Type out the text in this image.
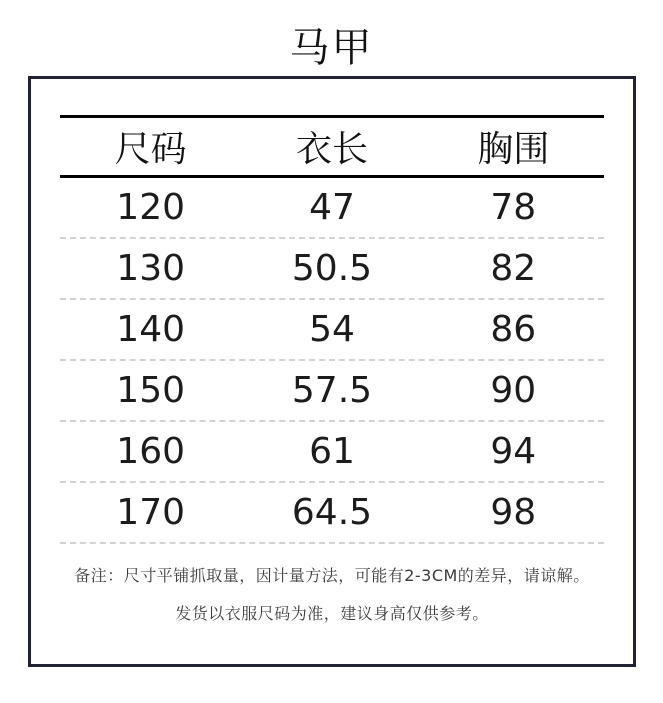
马甲
尺码	衣长	胸围
120	47	78
130	50.5	82
140	54	86
150	57.5	90
160	61	94
170	64.5	98
备注：尺寸平铺抓取量，因计量方法，可能有2-3CM的差异，请谅解。
发货以衣服尺码为准，建议身高仅供参考。
